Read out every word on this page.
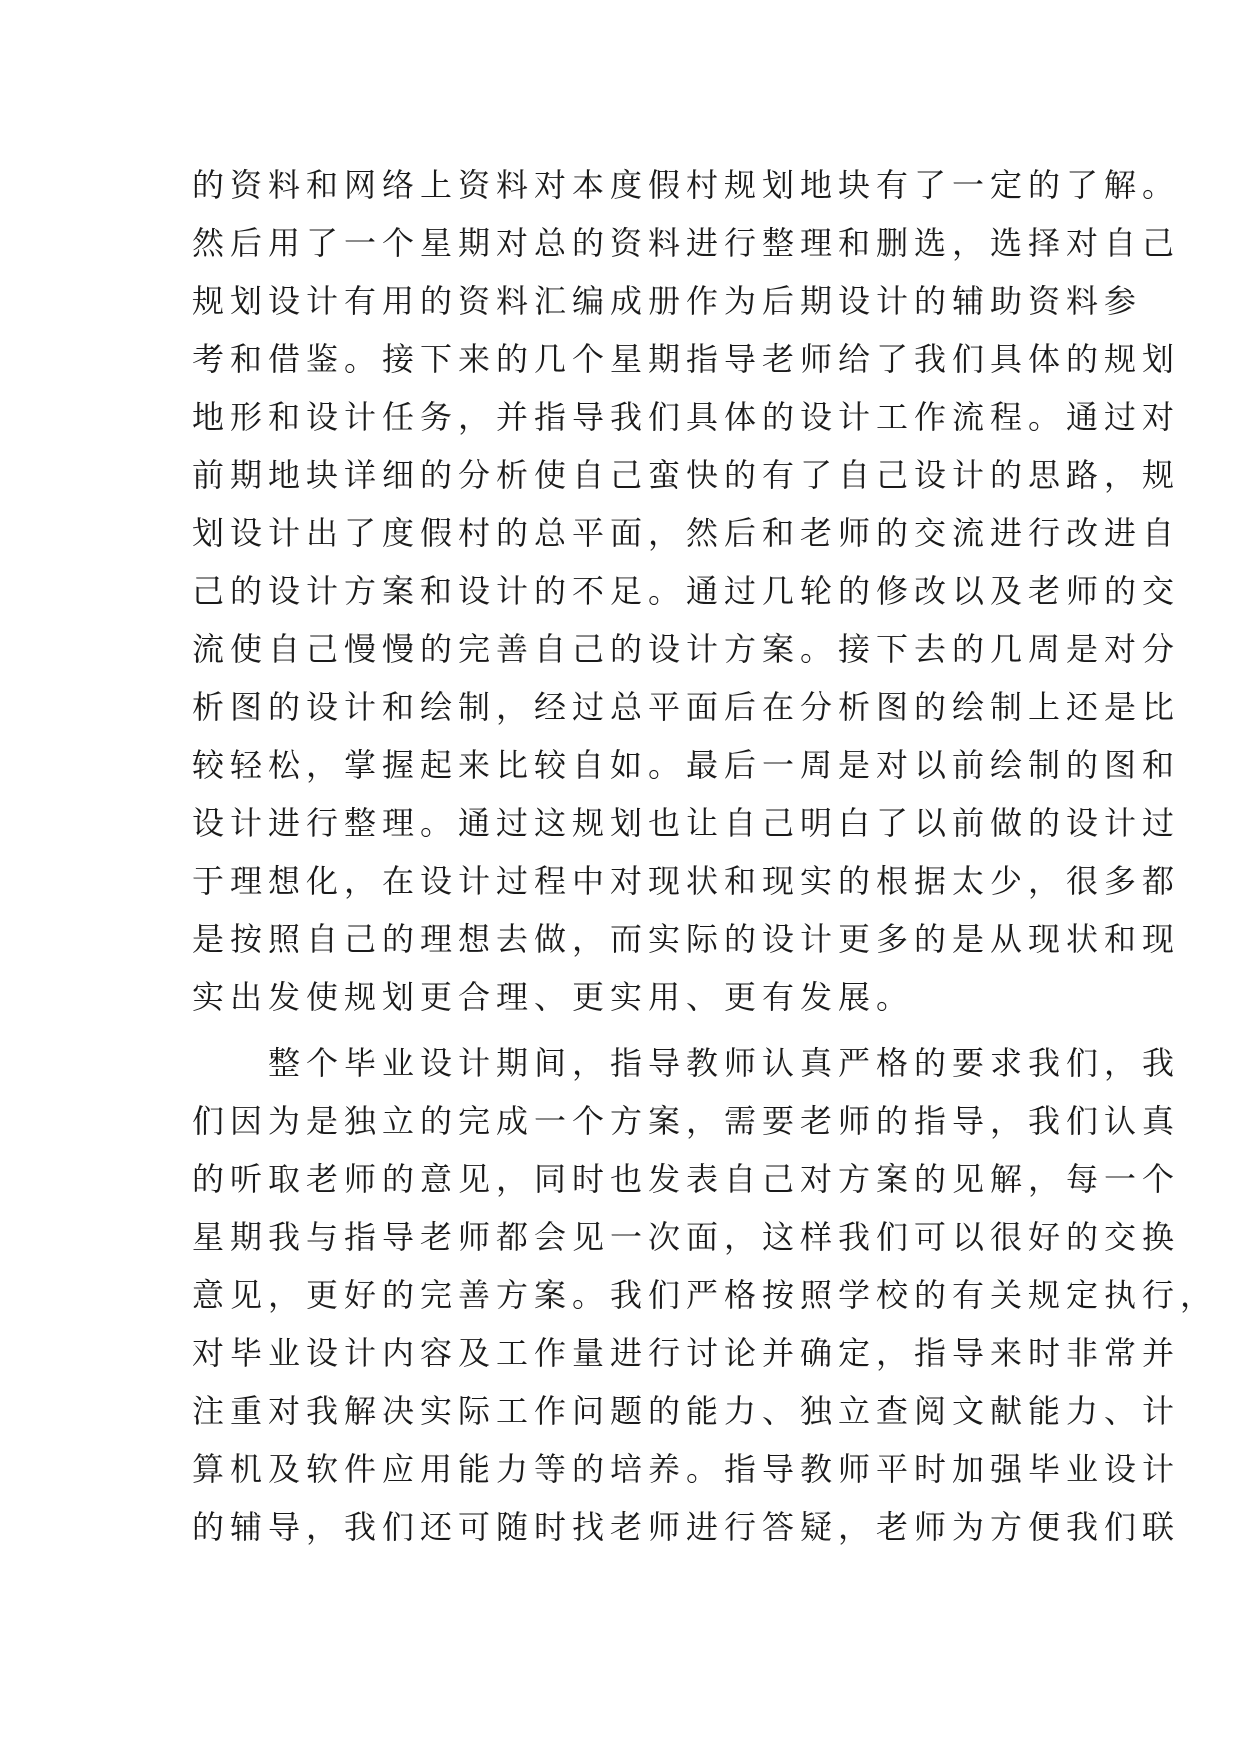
的资料和网络上资料对本度假村规划地块有了一定的了解。
然后用了一个星期对总的资料进行整理和删选，选择对自己
规划设计有用的资料汇编成册作为后期设计的辅助资料参
考和借鉴。接下来的几个星期指导老师给了我们具体的规划
地形和设计任务，并指导我们具体的设计工作流程。通过对
前期地块详细的分析使自己蛮快的有了自己设计的思路，规
划设计出了度假村的总平面，然后和老师的交流进行改进自
己的设计方案和设计的不足。通过几轮的修改以及老师的交
流使自己慢慢的完善自己的设计方案。接下去的几周是对分
析图的设计和绘制，经过总平面后在分析图的绘制上还是比
较轻松，掌握起来比较自如。最后一周是对以前绘制的图和
设计进行整理。通过这规划也让自己明白了以前做的设计过
于理想化，在设计过程中对现状和现实的根据太少，很多都
是按照自己的理想去做，而实际的设计更多的是从现状和现
实出发使规划更合理、更实用、更有发展。
　　整个毕业设计期间，指导教师认真严格的要求我们，我
们因为是独立的完成一个方案，需要老师的指导，我们认真
的听取老师的意见，同时也发表自己对方案的见解，每一个
星期我与指导老师都会见一次面，这样我们可以很好的交换
意见，更好的完善方案。我们严格按照学校的有关规定执行，
对毕业设计内容及工作量进行讨论并确定，指导来时非常并
注重对我解决实际工作问题的能力、独立查阅文献能力、计
算机及软件应用能力等的培养。指导教师平时加强毕业设计
的辅导，我们还可随时找老师进行答疑，老师为方便我们联
